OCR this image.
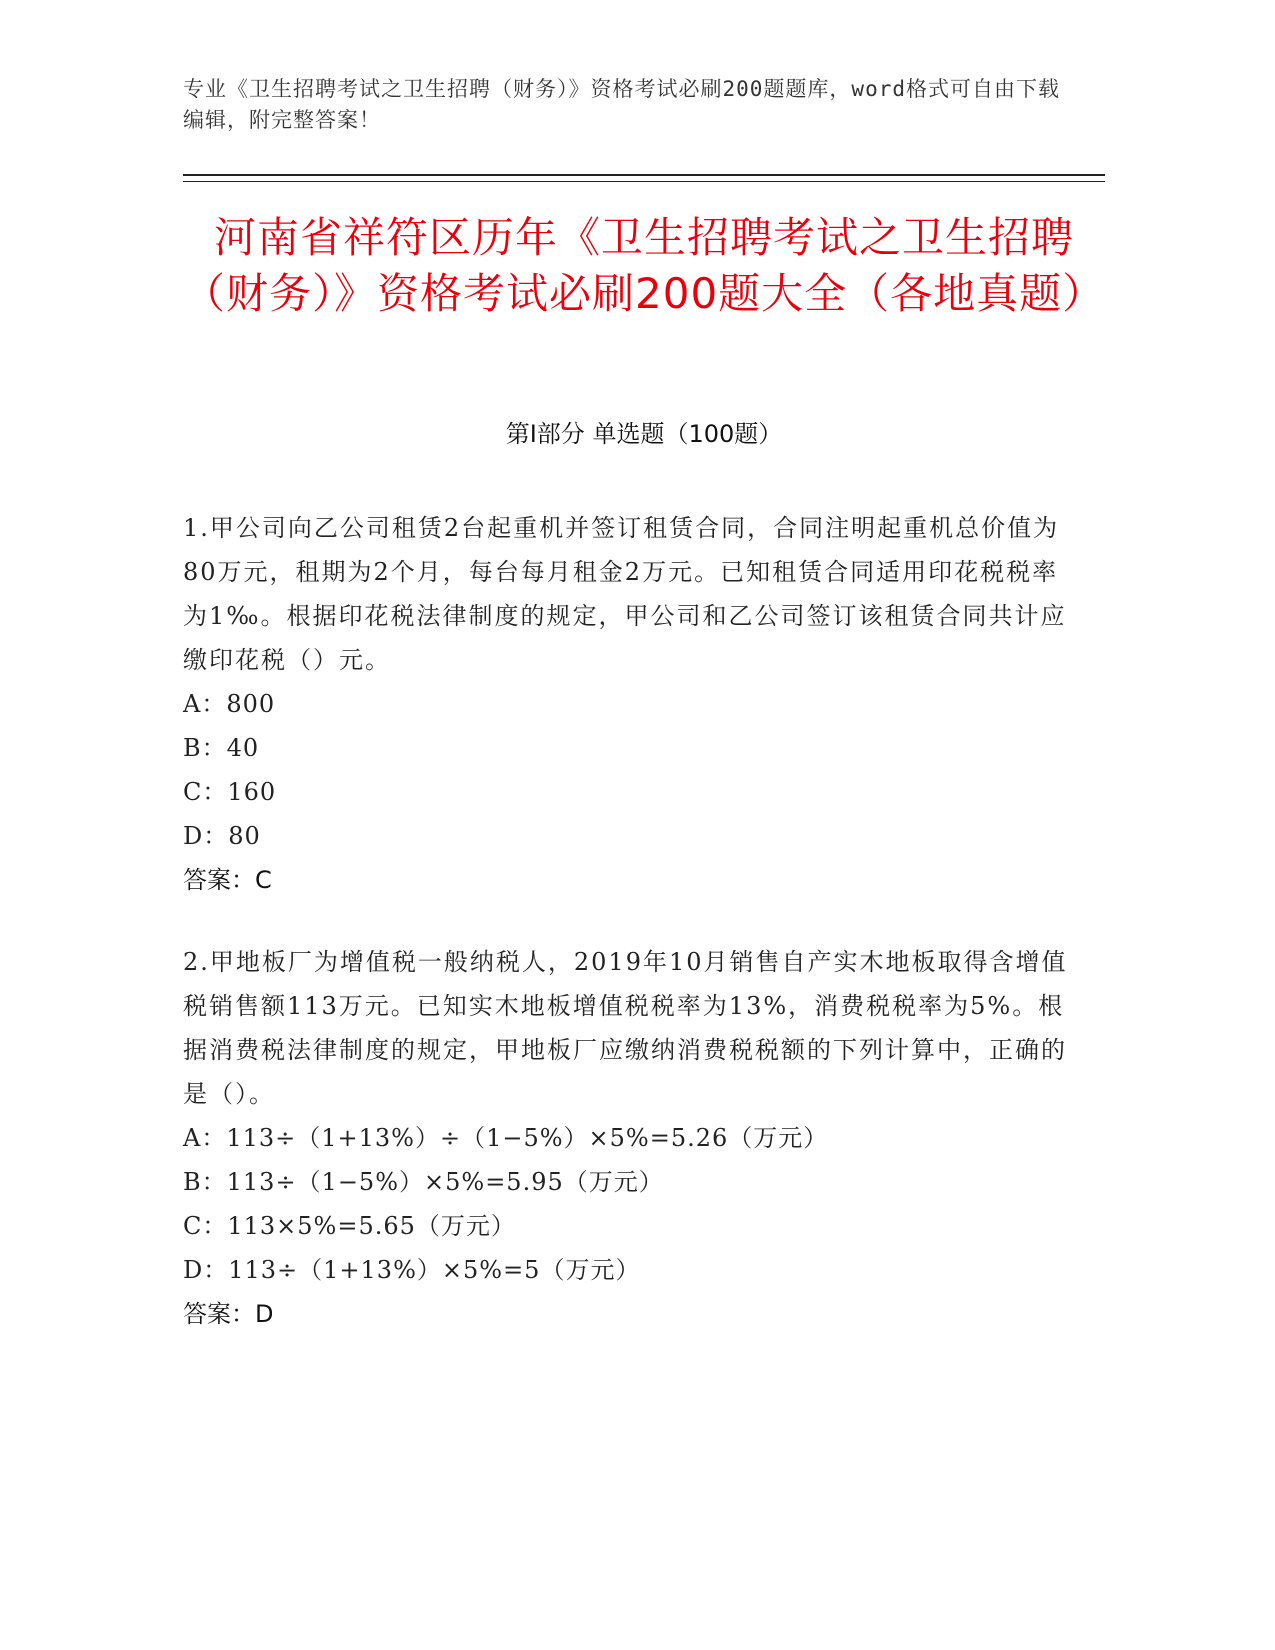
专业《卫生招聘考试之卫生招聘（财务）》资格考试必刷200题题库，word格式可自由下载编辑，附完整答案！
河南省祥符区历年《卫生招聘考试之卫生招聘（财务）》资格考试必刷200题大全（各地真题）
第Ⅰ部分 单选题（100题）

1.甲公司向乙公司租赁2台起重机并签订租赁合同，合同注明起重机总价值为80万元，租期为2个月，每台每月租金2万元。已知租赁合同适用印花税税率为1‰。根据印花税法律制度的规定，甲公司和乙公司签订该租赁合同共计应缴印花税（）元。

A：800

B：40

C：160

D：80

答案：C

2.甲地板厂为增值税一般纳税人，2019年10月销售自产实木地板取得含增值税销售额113万元。已知实木地板增值税税率为13%，消费税税率为5%。根据消费税法律制度的规定，甲地板厂应缴纳消费税税额的下列计算中，正确的是（）。

A：113÷（1+13%）÷（1−5%）×5%=5.26（万元）

B：113÷（1−5%）×5%=5.95（万元）

C：113×5%=5.65（万元）

D：113÷（1+13%）×5%=5（万元）

答案：D
